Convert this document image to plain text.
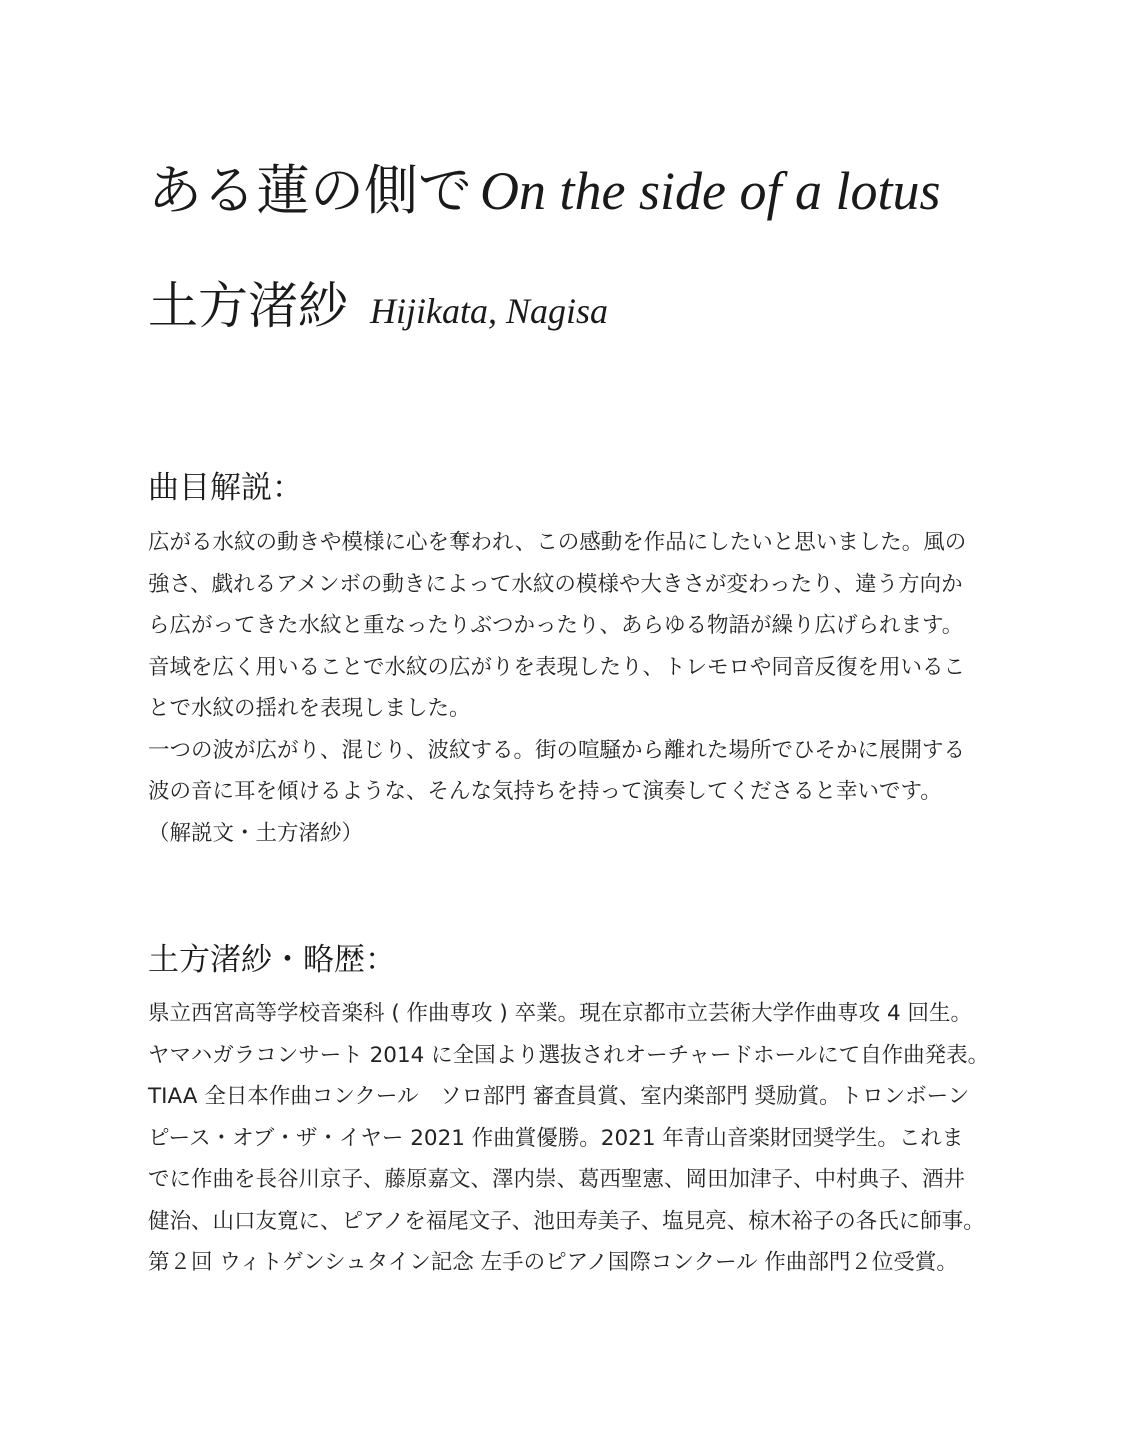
ある蓮の側で On the side of a lotus
土方渚紗 Hijikata, Nagisa
曲目解説：
広がる水紋の動きや模様に心を奪われ、この感動を作品にしたいと思いました。風の
強さ、戯れるアメンボの動きによって水紋の模様や大きさが変わったり、違う方向か
ら広がってきた水紋と重なったりぶつかったり、あらゆる物語が繰り広げられます。
音域を広く用いることで水紋の広がりを表現したり、トレモロや同音反復を用いるこ
とで水紋の揺れを表現しました。
一つの波が広がり、混じり、波紋する。街の喧騒から離れた場所でひそかに展開する
波の音に耳を傾けるような、そんな気持ちを持って演奏してくださると幸いです。
（解説文・土方渚紗）
土方渚紗・略歴：
県立西宮高等学校音楽科 ( 作曲専攻 ) 卒業。現在京都市立芸術大学作曲専攻 4 回生。
ヤマハガラコンサート 2014 に全国より選抜されオーチャードホールにて自作曲発表。
TIAA 全日本作曲コンクール　ソロ部門 審査員賞、室内楽部門 奨励賞。トロンボーン
ピース・オブ・ザ・イヤー 2021 作曲賞優勝。2021 年青山音楽財団奨学生。これま
でに作曲を長谷川京子、藤原嘉文、澤内崇、葛西聖憲、岡田加津子、中村典子、酒井
健治、山口友寛に、ピアノを福尾文子、池田寿美子、塩見亮、椋木裕子の各氏に師事。
第２回 ウィトゲンシュタイン記念 左手のピアノ国際コンクール 作曲部門２位受賞。
